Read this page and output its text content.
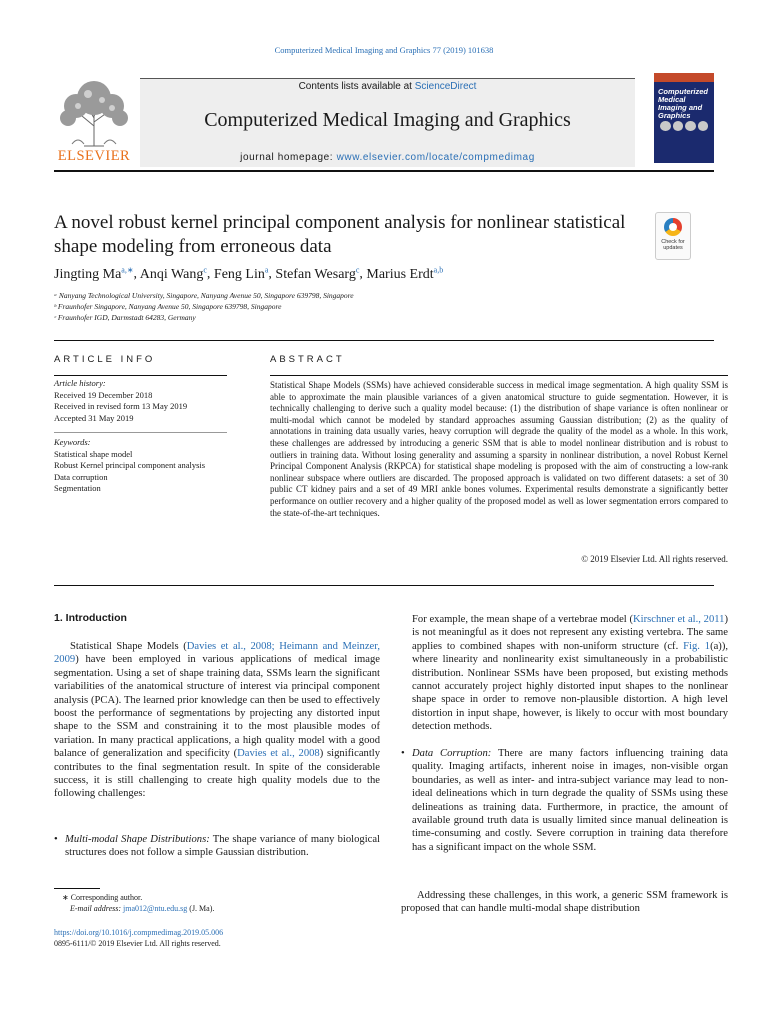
Computerized Medical Imaging and Graphics 77 (2019) 101638
ELSEVIER
Contents lists available at ScienceDirect
Computerized Medical Imaging and Graphics
journal homepage: www.elsevier.com/locate/compmedimag
Computerized Medical Imaging and Graphics
A novel robust kernel principal component analysis for nonlinear statistical shape modeling from erroneous data	Check for updates
Jingting $Ma^{a,∗}$, Anqi Wang$^c$, Feng Lin$^a$, Stefan Wesarg$^c$, Marius Erdt$^{a,b}$
ᵃ Nanyang Technological University, Singapore, Nanyang Avenue 50, Singapore 639798, Singapore
ᵇ Fraunhofer Singapore, Nanyang Avenue 50, Singapore 639798, Singapore
ᶜ Fraunhofer IGD, Darmstadt 64283, Germany
ARTICLE INFO
Article history:
Received 19 December 2018
Received in revised form 13 May 2019
Accepted 31 May 2019
Keywords:
Statistical shape model
Robust Kernel principal component analysis
Data corruption
Segmentation
ABSTRACT
Statistical Shape Models (SSMs) have achieved considerable success in medical image segmentation. A high quality SSM is able to approximate the main plausible variances of a given anatomical structure to guide segmentation. However, it is technically challenging to derive such a quality model because: (1) the distribution of shape variance is often nonlinear or multi-modal which cannot be modeled by standard approaches assuming Gaussian distribution; (2) as the quality of annotations in training data usually varies, heavy corruption will degrade the quality of the model as a whole. In this work, these challenges are addressed by introducing a generic SSM that is able to model nonlinear distribution and is robust to outliers in training data. Without losing generality and assuming a sparsity in nonlinear distribution, a novel Robust Kernel Principal Component Analysis (RKPCA) for statistical shape modeling is proposed with the aim of constructing a low-rank nonlinear subspace where outliers are discarded. The proposed approach is validated on two different datasets: a set of 30 public CT kidney pairs and a set of 49 MRI ankle bones volumes. Experimental results demonstrate a significantly better performance on outlier recovery and a higher quality of the proposed model as well as lower segmentation errors compared to the state-of-the-art techniques.
© 2019 Elsevier Ltd. All rights reserved.
1. Introduction

Statistical Shape Models (Davies et al., 2008; Heimann and Meinzer, 2009) have been employed in various applications of medical image segmentation. Using a set of shape training data, SSMs learn the significant variabilities of the anatomical structure of interest via principal component analysis (PCA). The learned prior knowledge can then be used to effectively boost the performance of segmentations by projecting any distorted input shape to the SSM and constraining it to the most plausible modes of variation. In many practical applications, a high quality model with a good balance of generalization and specificity (Davies et al., 2008) significantly contributes to the final segmentation result. In spite of the considerable success, it is still challenging to create high quality models due to the following challenges:

• Multi-modal Shape Distributions: The shape variance of many biological structures does not follow a simple Gaussian distribution.

For example, the mean shape of a vertebrae model (Kirschner et al., 2011) is not meaningful as it does not represent any existing vertebra. The same applies to combined shapes with non-uniform structure (cf. Fig. 1(a)), where linearity and nonlinearity exist simultaneously in a probabilistic distribution. Nonlinear SSMs have been proposed, but existing methods cannot accurately project highly distorted input shapes to the nonlinear shape space in order to remove non-plausible distortion. A high level distortion in input shape, however, is likely to occur with most boundary detection methods.

• Data Corruption: There are many factors influencing training data quality. Imaging artifacts, inherent noise in images, non-visible organ boundaries, as well as inter- and intra-subject variance may lead to non-ideal delineations which in turn degrade the quality of SSMs using these delineations as training data. Furthermore, in practice, the amount of available ground truth data is usually limited since manual delineation is time-consuming and costly. Severe corruption in training data therefore has a significant impact on the whole SSM.

Addressing these challenges, in this work, a generic SSM framework is proposed that can handle multi-modal shape distribution

∗ Corresponding author.
E-mail address: jma012@ntu.edu.sg (J. Ma).
https://doi.org/10.1016/j.compmedimag.2019.05.006
0895-6111/© 2019 Elsevier Ltd. All rights reserved.
